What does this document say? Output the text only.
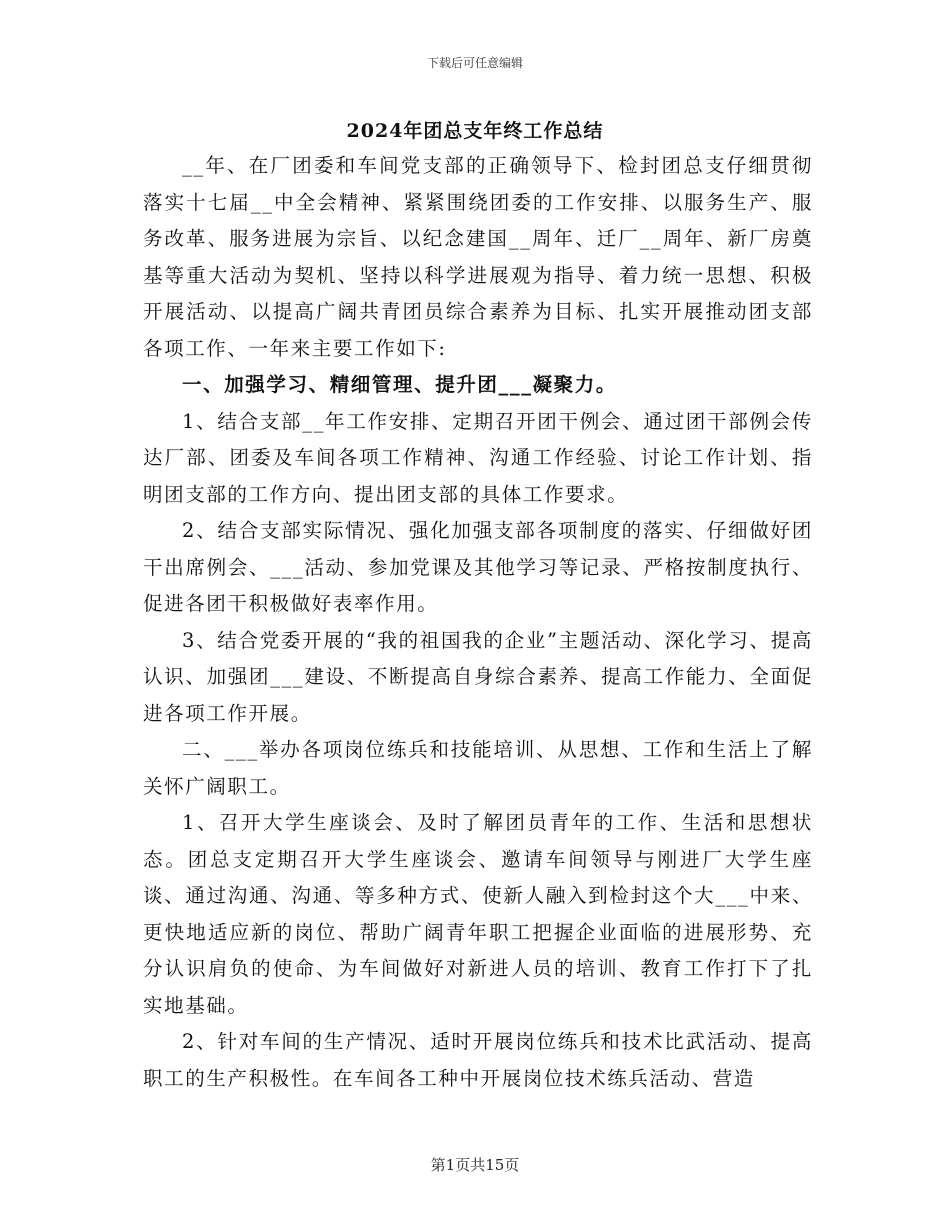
下载后可任意编辑
2024年团总支年终工作总结

__年、在厂团委和车间党支部的正确领导下、检封团总支仔细贯彻落实十七届__中全会精神、紧紧围绕团委的工作安排、以服务生产、服务改革、服务进展为宗旨、以纪念建国__周年、迁厂__周年、新厂房奠基等重大活动为契机、坚持以科学进展观为指导、着力统一思想、积极开展活动、以提高广阔共青团员综合素养为目标、扎实开展推动团支部各项工作、一年来主要工作如下:

一、加强学习、精细管理、提升团___凝聚力。

1、结合支部__年工作安排、定期召开团干例会、通过团干部例会传达厂部、团委及车间各项工作精神、沟通工作经验、讨论工作计划、指明团支部的工作方向、提出团支部的具体工作要求。

2、结合支部实际情况、强化加强支部各项制度的落实、仔细做好团干出席例会、___活动、参加党课及其他学习等记录、严格按制度执行、促进各团干积极做好表率作用。

3、结合党委开展的“我的祖国我的企业”主题活动、深化学习、提高认识、加强团___建设、不断提高自身综合素养、提高工作能力、全面促进各项工作开展。

二、___举办各项岗位练兵和技能培训、从思想、工作和生活上了解关怀广阔职工。

1、召开大学生座谈会、及时了解团员青年的工作、生活和思想状态。团总支定期召开大学生座谈会、邀请车间领导与刚进厂大学生座谈、通过沟通、沟通、等多种方式、使新人融入到检封这个大___中来、更快地适应新的岗位、帮助广阔青年职工把握企业面临的进展形势、充分认识肩负的使命、为车间做好对新进人员的培训、教育工作打下了扎实地基础。

2、针对车间的生产情况、适时开展岗位练兵和技术比武活动、提高职工的生产积极性。在车间各工种中开展岗位技术练兵活动、营造

第1页共15页
